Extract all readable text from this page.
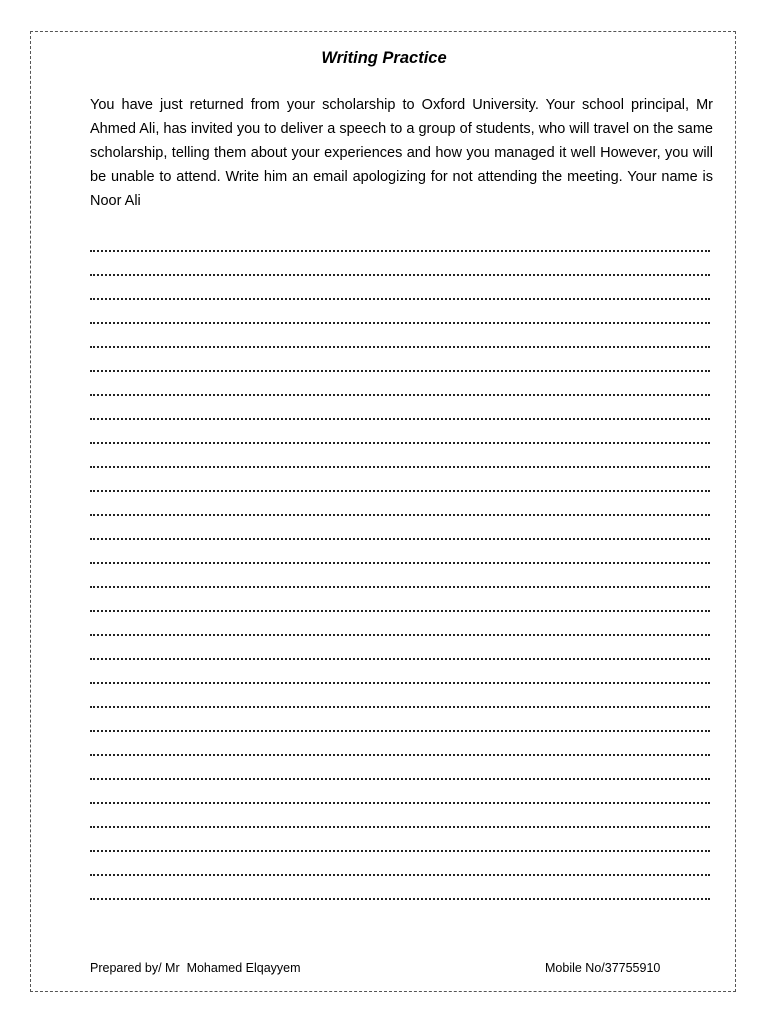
Writing Practice

You have just returned from your scholarship to Oxford University. Your school principal, Mr Ahmed Ali, has invited you to deliver a speech to a group of students, who will travel on the same scholarship, telling them about your experiences and how you managed it well However, you will be unable to attend. Write him an email apologizing for not attending the meeting. Your name is Noor Ali

Prepared by/ Mr  Mohamed Elqayyem	Mobile No/37755910
